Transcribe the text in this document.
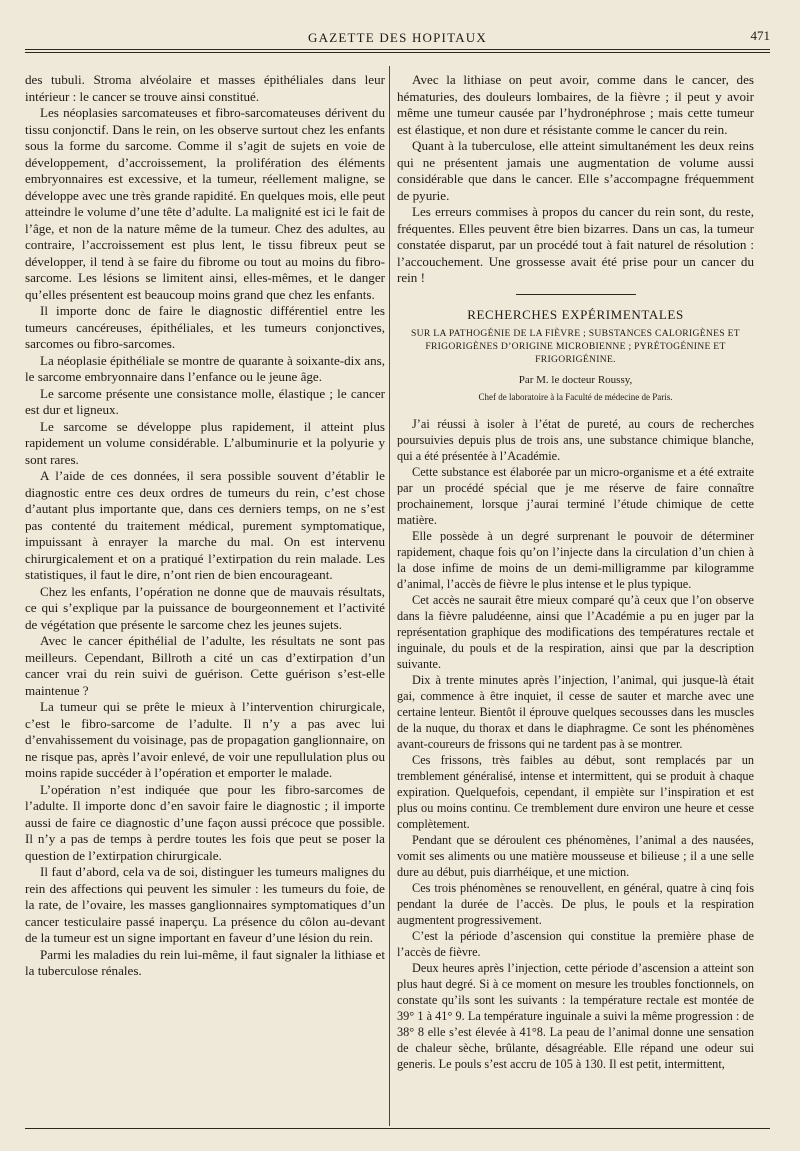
GAZETTE DES HOPITAUX	471

des tubuli. Stroma alvéolaire et masses épithéliales dans leur intérieur : le cancer se trouve ainsi constitué.

Les néoplasies sarcomateuses et fibro-sarcomateuses dérivent du tissu conjonctif. Dans le rein, on les observe surtout chez les enfants sous la forme du sarcome. Comme il s’agit de sujets en voie de développement, d’accroissement, la prolifération des éléments embryonnaires est excessive, et la tumeur, réellement maligne, se développe avec une très grande rapidité. En quelques mois, elle peut atteindre le volume d’une tête d’adulte. La malignité est ici le fait de l’âge, et non de la nature même de la tumeur. Chez des adultes, au contraire, l’accroissement est plus lent, le tissu fibreux peut se développer, il tend à se faire du fibrome ou tout au moins du fibro-sarcome. Les lésions se limitent ainsi, elles-mêmes, et le danger qu’elles présentent est beaucoup moins grand que chez les enfants.

Il importe donc de faire le diagnostic différentiel entre les tumeurs cancéreuses, épithéliales, et les tumeurs conjonctives, sarcomes ou fibro-sarcomes.

La néoplasie épithéliale se montre de quarante à soixante-dix ans, le sarcome embryonnaire dans l’enfance ou le jeune âge.

Le sarcome présente une consistance molle, élastique ; le cancer est dur et ligneux.

Le sarcome se développe plus rapidement, il atteint plus rapidement un volume considérable. L’albuminurie et la polyurie y sont rares.

A l’aide de ces données, il sera possible souvent d’établir le diagnostic entre ces deux ordres de tumeurs du rein, c’est chose d’autant plus importante que, dans ces derniers temps, on ne s’est pas contenté du traitement médical, purement symptomatique, impuissant à enrayer la marche du mal. On est intervenu chirurgicalement et on a pratiqué l’extirpation du rein malade. Les statistiques, il faut le dire, n’ont rien de bien encourageant.

Chez les enfants, l’opération ne donne que de mauvais résultats, ce qui s’explique par la puissance de bourgeonnement et l’activité de végétation que présente le sarcome chez les jeunes sujets.

Avec le cancer épithélial de l’adulte, les résultats ne sont pas meilleurs. Cependant, Billroth a cité un cas d’extirpation d’un cancer vrai du rein suivi de guérison. Cette guérison s’est-elle maintenue ?

La tumeur qui se prête le mieux à l’intervention chirurgicale, c’est le fibro-sarcome de l’adulte. Il n’y a pas avec lui d’envahissement du voisinage, pas de propagation ganglionnaire, on ne risque pas, après l’avoir enlevé, de voir une repullulation plus ou moins rapide succéder à l’opération et emporter le malade.

L’opération n’est indiquée que pour les fibro-sarcomes de l’adulte. Il importe donc d’en savoir faire le diagnostic ; il importe aussi de faire ce diagnostic d’une façon aussi précoce que possible. Il n’y a pas de temps à perdre toutes les fois que peut se poser la question de l’extirpation chirurgicale.

Il faut d’abord, cela va de soi, distinguer les tumeurs malignes du rein des affections qui peuvent les simuler : les tumeurs du foie, de la rate, de l’ovaire, les masses ganglionnaires symptomatiques d’un cancer testiculaire passé inaperçu. La présence du côlon au-devant de la tumeur est un signe important en faveur d’une lésion du rein.

Parmi les maladies du rein lui-même, il faut signaler la lithiase et la tuberculose rénales.

Avec la lithiase on peut avoir, comme dans le cancer, des hématuries, des douleurs lombaires, de la fièvre ; il peut y avoir même une tumeur causée par l’hydronéphrose ; mais cette tumeur est élastique, et non dure et résistante comme le cancer du rein.

Quant à la tuberculose, elle atteint simultanément les deux reins qui ne présentent jamais une augmentation de volume aussi considérable que dans le cancer. Elle s’accompagne fréquemment de pyurie.

Les erreurs commises à propos du cancer du rein sont, du reste, fréquentes. Elles peuvent être bien bizarres. Dans un cas, la tumeur constatée disparut, par un procédé tout à fait naturel de résolution : l’accouchement. Une grossesse avait été prise pour un cancer du rein !

RECHERCHES EXPÉRIMENTALES
SUR LA PATHOGÉNIE DE LA FIÈVRE ; SUBSTANCES CALORIGÈNES ET FRIGORIGÈNES D’ORIGINE MICROBIENNE ; PYRÉTOGÉNINE ET FRIGORIGÉNINE.
Par M. le docteur Roussy,
Chef de laboratoire à la Faculté de médecine de Paris.

J’ai réussi à isoler à l’état de pureté, au cours de recherches poursuivies depuis plus de trois ans, une substance chimique blanche, qui a été présentée à l’Académie.

Cette substance est élaborée par un micro-organisme et a été extraite par un procédé spécial que je me réserve de faire connaître prochainement, lorsque j’aurai terminé l’étude chimique de cette matière.

Elle possède à un degré surprenant le pouvoir de déterminer rapidement, chaque fois qu’on l’injecte dans la circulation d’un chien à la dose infime de moins de un demi-milligramme par kilogramme d’animal, l’accès de fièvre le plus intense et le plus typique.

Cet accès ne saurait être mieux comparé qu’à ceux que l’on observe dans la fièvre paludéenne, ainsi que l’Académie a pu en juger par la représentation graphique des modifications des températures rectale et inguinale, du pouls et de la respiration, ainsi que par la description suivante.

Dix à trente minutes après l’injection, l’animal, qui jusque-là était gai, commence à être inquiet, il cesse de sauter et marche avec une certaine lenteur. Bientôt il éprouve quelques secousses dans les muscles de la nuque, du thorax et dans le diaphragme. Ce sont les phénomènes avant-coureurs de frissons qui ne tardent pas à se montrer.

Ces frissons, très faibles au début, sont remplacés par un tremblement généralisé, intense et intermittent, qui se produit à chaque expiration. Quelquefois, cependant, il empiète sur l’inspiration et est plus ou moins continu. Ce tremblement dure environ une heure et cesse complètement.

Pendant que se déroulent ces phénomènes, l’animal a des nausées, vomit ses aliments ou une matière mousseuse et bilieuse ; il a une selle dure au début, puis diarrhéique, et une miction.

Ces trois phénomènes se renouvellent, en général, quatre à cinq fois pendant la durée de l’accès. De plus, le pouls et la respiration augmentent progressivement.

C’est la période d’ascension qui constitue la première phase de l’accès de fièvre.

Deux heures après l’injection, cette période d’ascension a atteint son plus haut degré. Si à ce moment on mesure les troubles fonctionnels, on constate qu’ils sont les suivants : la température rectale est montée de 39° 1 à 41° 9. La température inguinale a suivi la même progression : de 38° 8 elle s’est élevée à 41°8. La peau de l’animal donne une sensation de chaleur sèche, brûlante, désagréable. Elle répand une odeur sui generis. Le pouls s’est accru de 105 à 130. Il est petit, intermittent,
